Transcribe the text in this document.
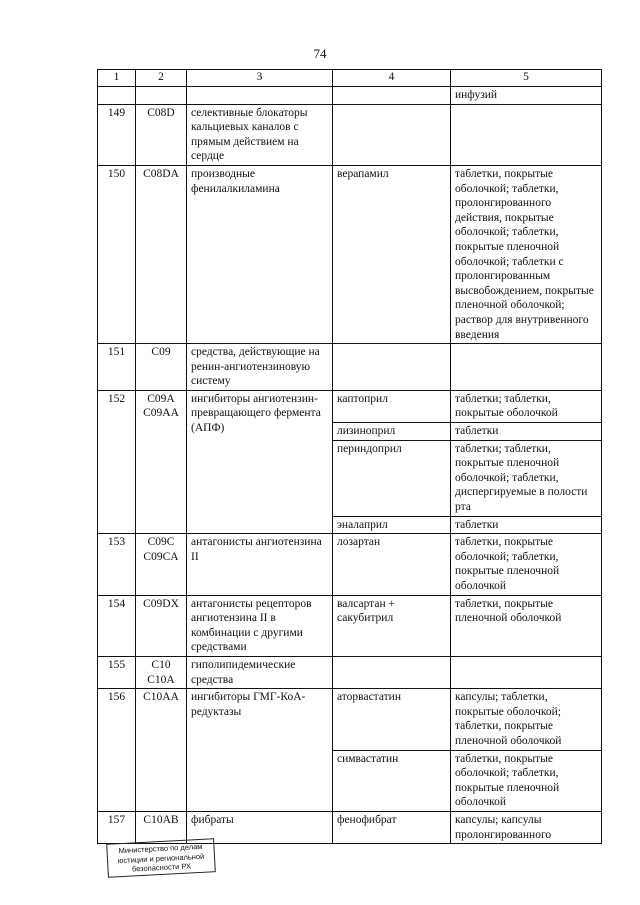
74
1	2	3	4	5
				инфузий
149	C08D	селективные блокаторы кальциевых каналов с прямым действием на сердце		
150	C08DA	производные фенилалкиламина	верапамил	таблетки, покрытые оболочкой; таблетки, пролонгированного действия, покрытые оболочкой; таблетки, покрытые пленочной оболочкой; таблетки с пролонгированным высвобождением, покрытые пленочной оболочкой; раствор для внутривенного введения
151	C09	средства, действующие на ренин-ангиотензиновую систему		
152	C09A C09AA	ингибиторы ангиотензин-превращающего фермента (АПФ)	каптоприл	таблетки; таблетки, покрытые оболочкой
			лизиноприл	таблетки
			периндоприл	таблетки; таблетки, покрытые пленочной оболочкой; таблетки, диспергируемые в полости рта
			эналаприл	таблетки
153	C09C C09CA	антагонисты ангиотензина II	лозартан	таблетки, покрытые оболочкой; таблетки, покрытые пленочной оболочкой
154	C09DX	антагонисты рецепторов ангиотензина II в комбинации с другими средствами	валсартан + сакубитрил	таблетки, покрытые пленочной оболочкой
155	C10 C10A	гиполипидемические средства		
156	C10AA	ингибиторы ГМГ-КоА-редуктазы	аторвастатин	капсулы; таблетки, покрытые оболочкой; таблетки, покрытые пленочной оболочкой
			симвастатин	таблетки, покрытые оболочкой; таблетки, покрытые пленочной оболочкой
157	C10AB	фибраты	фенофибрат	капсулы; капсулы пролонгированного
Министерство по делам юстиции и региональной безопасности РХ
